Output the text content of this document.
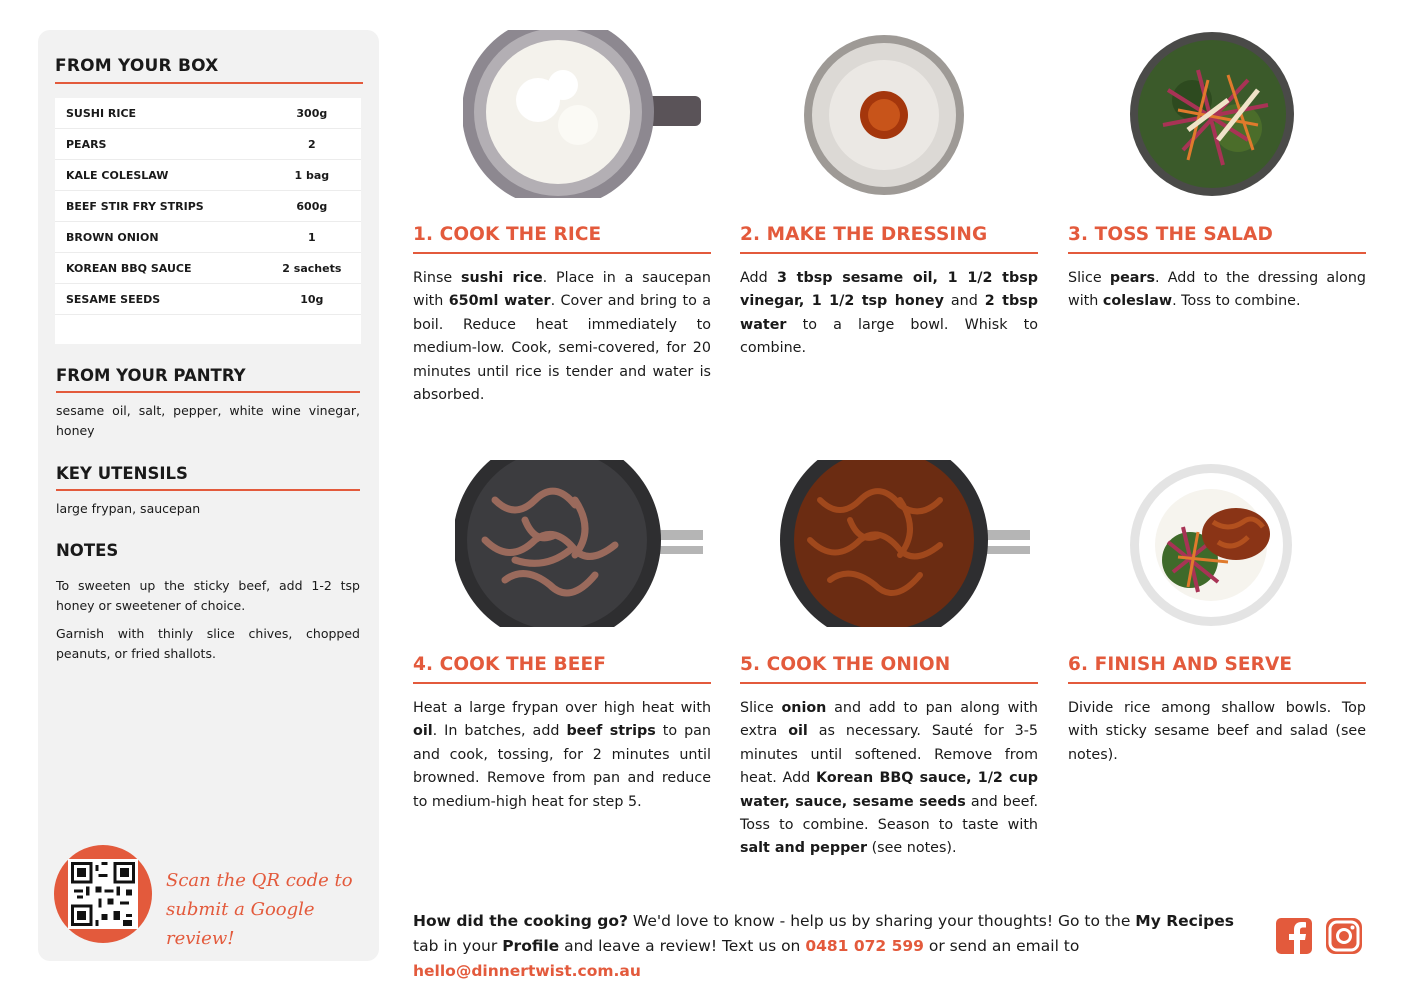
FROM YOUR BOX
SUSHI RICE	300g
PEARS	2
KALE COLESLAW	1 bag
BEEF STIR FRY STRIPS	600g
BROWN ONION	1
KOREAN BBQ SAUCE	2 sachets
SESAME SEEDS	10g
FROM YOUR PANTRY

sesame oil, salt, pepper, white wine vinegar, honey

KEY UTENSILS

large frypan, saucepan

NOTES

To sweeten up the sticky beef, add 1-2 tsp honey or sweetener of choice.

Garnish with thinly slice chives, chopped peanuts, or fried shallots.

Scan the QR code to
submit a Google review!
1. COOK THE RICE

Rinse sushi rice. Place in a saucepan with 650ml water. Cover and bring to a boil. Reduce heat immediately to medium-low. Cook, semi-covered, for 20 minutes until rice is tender and water is absorbed.

2. MAKE THE DRESSING

Add 3 tbsp sesame oil, 1 1/2 tbsp vinegar, 1 1/2 tsp honey and 2 tbsp water to a large bowl. Whisk to combine.

3. TOSS THE SALAD

Slice pears. Add to the dressing along with coleslaw. Toss to combine.

4. COOK THE BEEF

Heat a large frypan over high heat with oil. In batches, add beef strips to pan and cook, tossing, for 2 minutes until browned. Remove from pan and reduce to medium-high heat for step 5.

5. COOK THE ONION

Slice onion and add to pan along with extra oil as necessary. Sauté for 3-5 minutes until softened. Remove from heat. Add Korean BBQ sauce, 1/2 cup water, sauce, sesame seeds and beef. Toss to combine. Season to taste with salt and pepper (see notes).

6. FINISH AND SERVE

Divide rice among shallow bowls. Top with sticky sesame beef and salad (see notes).

How did the cooking go? We'd love to know - help us by sharing your thoughts! Go to the My Recipes tab in your Profile and leave a review! Text us on 0481 072 599 or send an email to hello@dinnertwist.com.au
